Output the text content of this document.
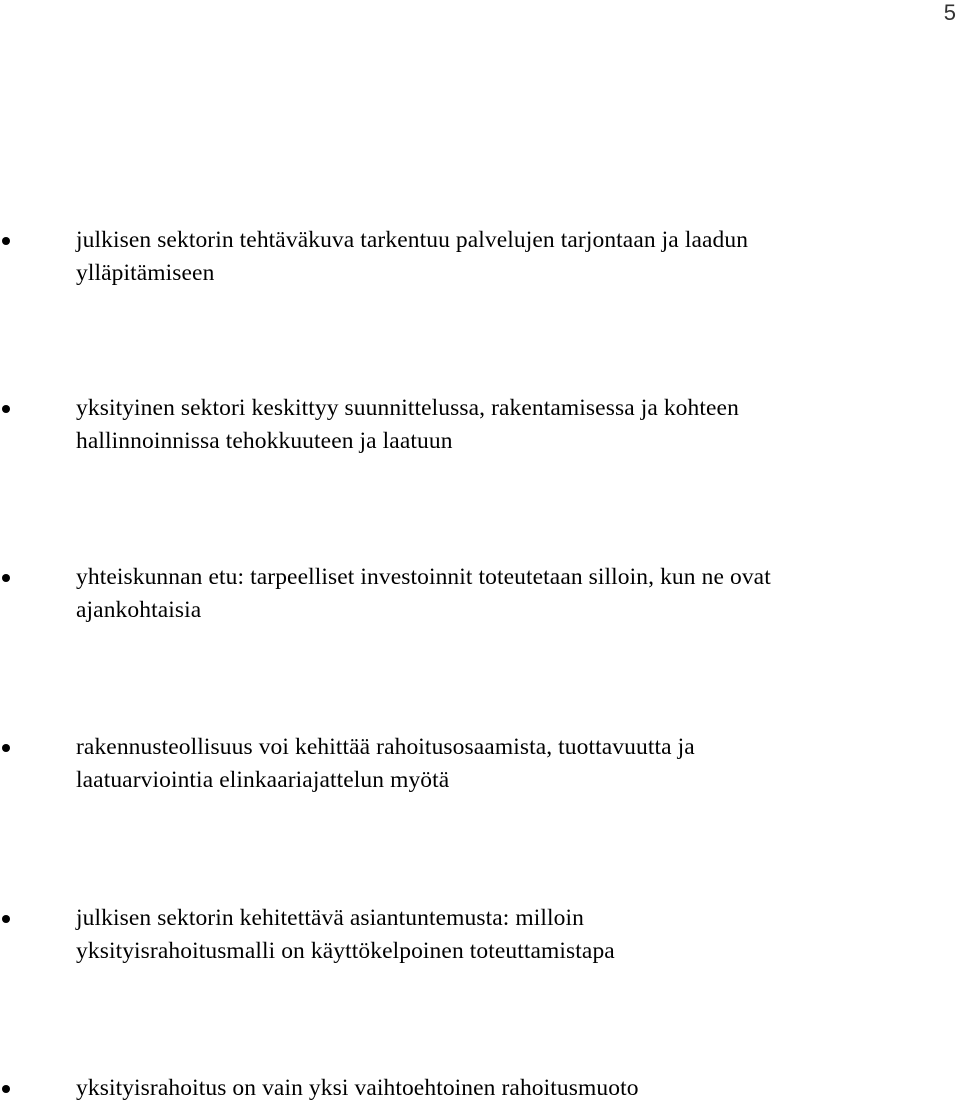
5
julkisen sektorin tehtäväkuva tarkentuu palvelujen tarjontaan ja laadun
ylläpitämiseen
yksityinen sektori keskittyy suunnittelussa, rakentamisessa ja kohteen
hallinnoinnissa tehokkuuteen ja laatuun
yhteiskunnan etu: tarpeelliset investoinnit toteutetaan silloin, kun ne ovat
ajankohtaisia
rakennusteollisuus voi kehittää rahoitusosaamista, tuottavuutta ja
laatuarviointia elinkaariajattelun myötä
julkisen sektorin kehitettävä asiantuntemusta: milloin
yksityisrahoitusmalli on käyttökelpoinen toteuttamistapa
yksityisrahoitus on vain yksi vaihtoehtoinen rahoitusmuoto
